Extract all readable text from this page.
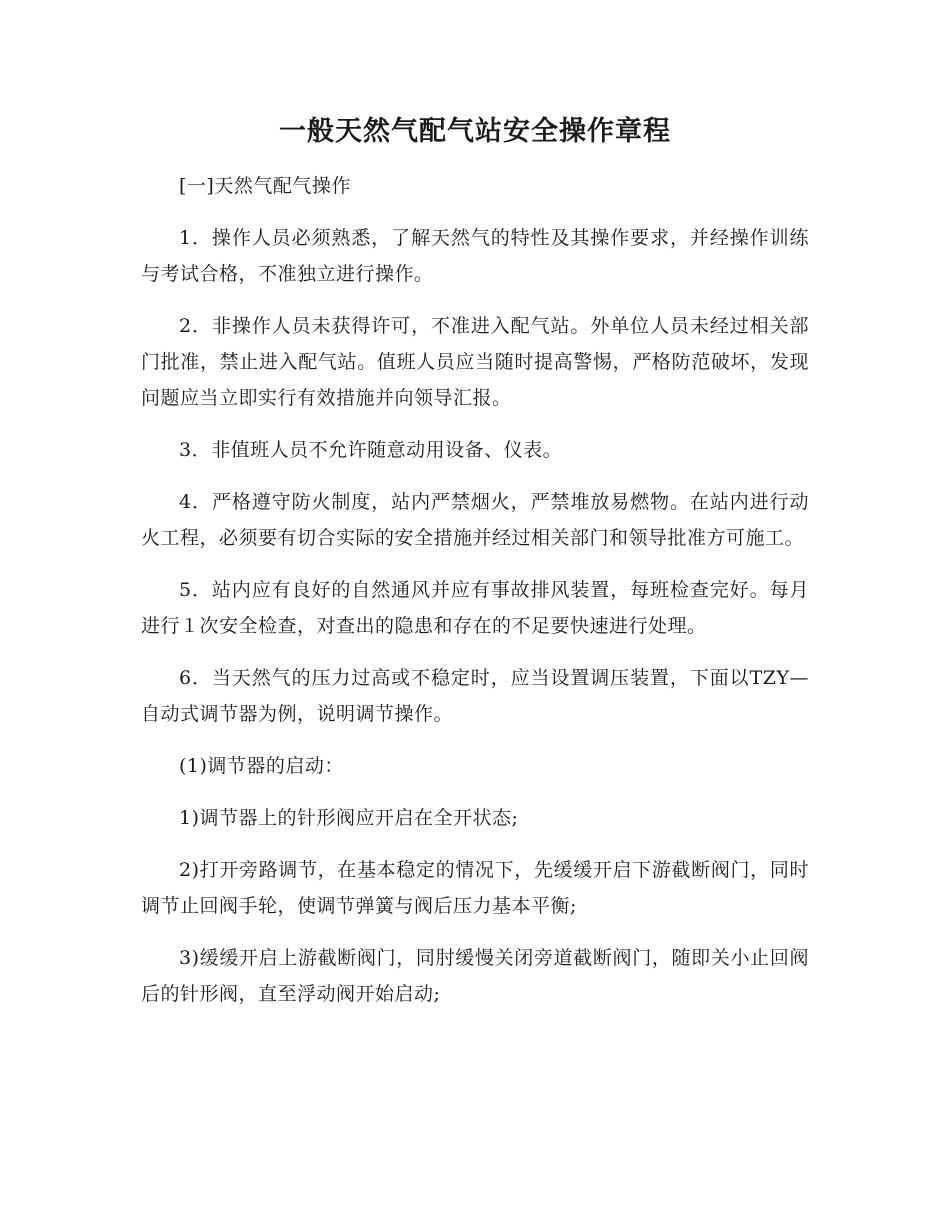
一般天然气配气站安全操作章程

[一]天然气配气操作

1．操作人员必须熟悉，了解天然气的特性及其操作要求，并经操作训练与考试合格，不准独立进行操作。

2．非操作人员未获得许可，不准进入配气站。外单位人员未经过相关部门批准，禁止进入配气站。值班人员应当随时提高警惕，严格防范破坏，发现问题应当立即实行有效措施并向领导汇报。

3．非值班人员不允许随意动用设备、仪表。

4．严格遵守防火制度，站内严禁烟火，严禁堆放易燃物。在站内进行动火工程，必须要有切合实际的安全措施并经过相关部门和领导批准方可施工。

5．站内应有良好的自然通风并应有事故排风装置，每班检查完好。每月进行１次安全检查，对查出的隐患和存在的不足要快速进行处理。

6．当天然气的压力过高或不稳定时，应当设置调压装置，下面以TZY—自动式调节器为例，说明调节操作。

(1)调节器的启动：

1)调节器上的针形阀应开启在全开状态;

2)打开旁路调节，在基本稳定的情况下，先缓缓开启下游截断阀门，同时调节止回阀手轮，使调节弹簧与阀后压力基本平衡;

3)缓缓开启上游截断阀门，同肘缓慢关闭旁道截断阀门，随即关小止回阀后的针形阀，直至浮动阀开始启动;
